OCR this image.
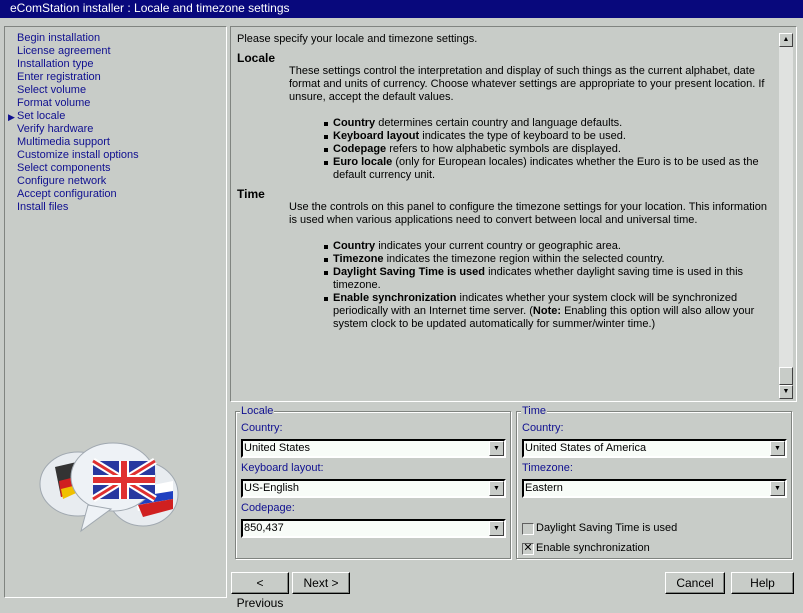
eComStation installer : Locale and timezone settings
▶
Begin installation
License agreement
Installation type
Enter registration
Select volume
Format volume
Set locale
Verify hardware
Multimedia support
Customize install options
Select components
Configure network
Accept configuration
Install files

Please specify your locale and timezone settings.

Locale

These settings control the interpretation and display of such things as the current alphabet, date format and units of currency. Choose whatever settings are appropriate to your present location. If unsure, accept the default values.

Country determines certain country and language defaults.
Keyboard layout indicates the type of keyboard to be used.
Codepage refers to how alphabetic symbols are displayed.
Euro locale (only for European locales) indicates whether the Euro is to be used as the default currency unit.
Time

Use the controls on this panel to configure the timezone settings for your location. This information is used when various applications need to convert between local and universal time.

Country indicates your current country or geographic area.
Timezone indicates the timezone region within the selected country.
Daylight Saving Time is used indicates whether daylight saving time is used in this timezone.
Enable synchronization indicates whether your system clock will be synchronized periodically with an Internet time server. (Note: Enabling this option will also allow your system clock to be updated automatically for summer/winter time.)
▲
▼
Locale
Country:
United States	▼
Keyboard layout:
US-English	▼
Codepage:
850,437	▼
Time
Country:
United States of America	▼
Timezone:
Eastern	▼
Daylight Saving Time is used
✕ Enable synchronization
< Previous
Next >	Cancel	Help
